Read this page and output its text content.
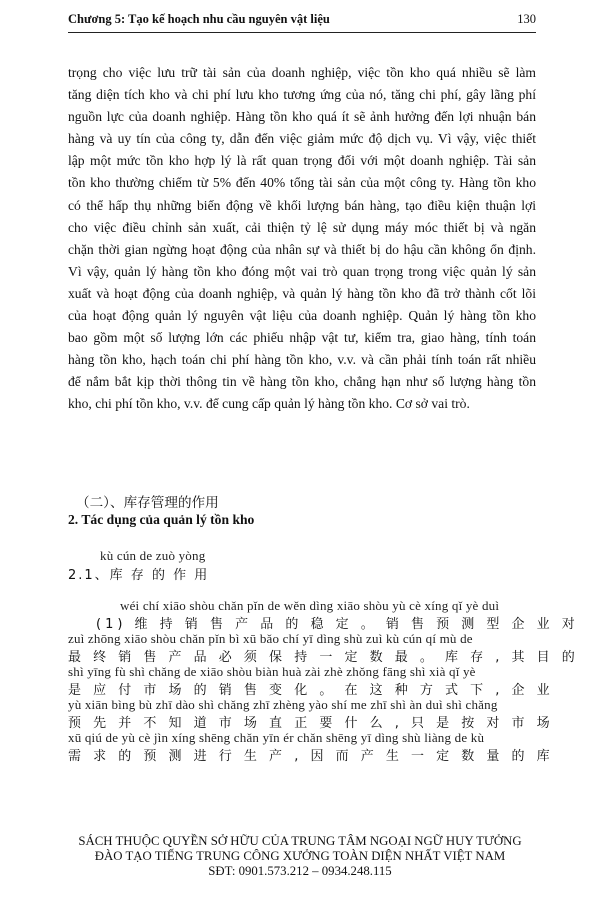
Chương 5: Tạo kế hoạch nhu cầu nguyên vật liệu	130
trọng cho việc lưu trữ tài sản của doanh nghiệp, việc tồn kho quá nhiều sẽ làm
tăng diện tích kho và chi phí lưu kho tương ứng của nó, tăng chi phí, gây lãng phí
nguồn lực của doanh nghiệp. Hàng tồn kho quá ít sẽ ảnh hưởng đến lợi nhuận bán
hàng và uy tín của công ty, dẫn đến việc giảm mức độ dịch vụ. Vì vậy, việc thiết
lập một mức tồn kho hợp lý là rất quan trọng đối với một doanh nghiệp. Tài sản
tồn kho thường chiếm từ 5% đến 40% tổng tài sản của một công ty. Hàng tồn kho
có thể hấp thụ những biến động về khối lượng bán hàng, tạo điều kiện thuận lợi
cho việc điều chỉnh sản xuất, cải thiện tỷ lệ sử dụng máy móc thiết bị và ngăn
chặn thời gian ngừng hoạt động của nhân sự và thiết bị do hậu cần không ổn định.
Vì vậy, quản lý hàng tồn kho đóng một vai trò quan trọng trong việc quản lý sản
xuất và hoạt động của doanh nghiệp, và quản lý hàng tồn kho đã trở thành cốt lõi
của hoạt động quản lý nguyên vật liệu của doanh nghiệp. Quản lý hàng tồn kho
bao gồm một số lượng lớn các phiếu nhập vật tư, kiểm tra, giao hàng, tính toán
hàng tồn kho, hạch toán chi phí hàng tồn kho, v.v. và cần phải tính toán rất nhiều
để nắm bắt kịp thời thông tin về hàng tồn kho, chẳng hạn như số lượng hàng tồn
kho, chi phí tồn kho, v.v. để cung cấp quản lý hàng tồn kho. Cơ sở vai trò.
（二）、库存管理的作用
2. Tác dụng của quản lý tồn kho
kù cún de zuò yòng
2.1、库 存 的 作 用
wéi chí xiāo shòu chǎn pǐn de wěn dìng xiāo shòu yù cè xíng qǐ yè duì
(1) 维 持 销 售 产 品 的 稳 定 。 销 售 预 测 型 企 业 对
zuì zhōng xiāo shòu chǎn pǐn bì xū bǎo chí yī dìng shù zuì kù cún qí mù de
最 终 销 售 产 品 必 须 保 持 一 定 数 最 。 库 存 , 其 目 的
shì yīng fù shì chǎng de xiāo shòu biàn huà zài zhè zhǒng fāng shì xià qǐ yè
是 应 付 市 场 的 销 售 变 化 。 在 这 种 方 式 下 , 企 业
yù xiān bìng bù zhī dào shì chǎng zhī zhèng yào shí me zhī shì àn duì shì chǎng
预 先 并 不 知 道 市 场 直 正 要 什 么 , 只 是 按 对 市 场
xū qiú de yù cè jìn xíng shēng chǎn yīn ér chǎn shēng yī dìng shù liàng de kù
需 求 的 预 测 进 行 生 产 , 因 而 产 生 一 定 数 量 的 库
SÁCH THUỘC QUYỀN SỞ HỮU CỦA TRUNG TÂM NGOẠI NGỮ HUY TƯỞNG
ĐÀO TẠO TIẾNG TRUNG CÔNG XƯỞNG TOÀN DIỆN NHẤT VIỆT NAM
SĐT: 0901.573.212 – 0934.248.115
